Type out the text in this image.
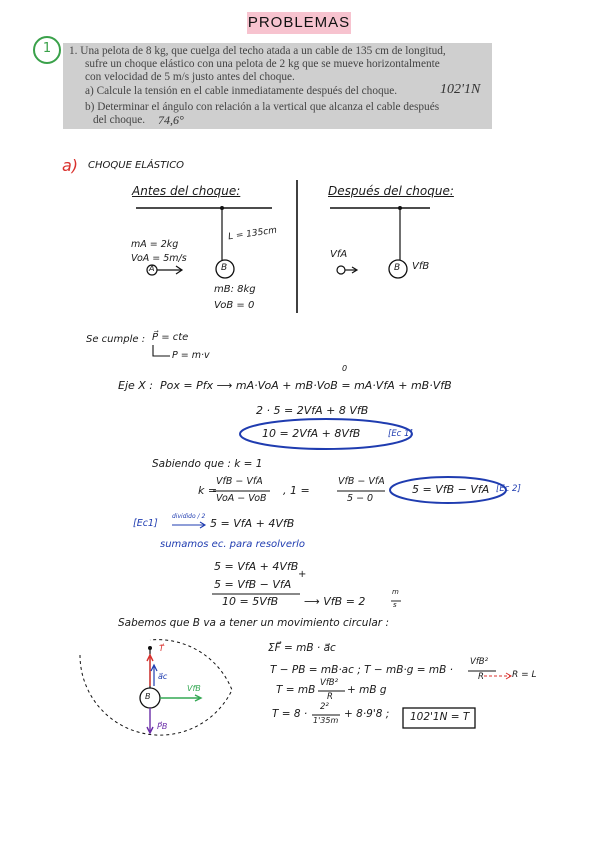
PROBLEMAS
1	1. Una pelota de 8 kg, que cuelga del techo atada a un cable de 135 cm de longitud,

sufre un choque elástico con una pelota de 2 kg que se mueve horizontalmente

con velocidad de 5 m/s justo antes del choque.

a) Calcule la tensión en el cable inmediatamente después del choque.

b) Determinar el ángulo con relación a la vertical que alcanza el cable después

del choque.

102'1N
74,6°
a) CHOQUE ELÁSTICO
Antes del choque:	Después del choque:
L = 135cm
mA = 2kg
VoA = 5m/s
A	B
mB: 8kg
VoB = 0
VfA
B VfB
Se cumple : P⃗ = cte
P = m·v
Eje X : Pox = Pfx ⟶ mA·VoA + mB·VoB = mA·VfA + mB·VfB
0
2 · 5 = 2VfA + 8 VfB
10 = 2VfA + 8VfB	[Ec 1]
Sabiendo que : k = 1
k =
VfB − VfA
VoA − VoB
, 1 =
VfB − VfA
5 − 0
5 = VfB − VfA [Ec 2]
[Ec1]
dividido / 2
5 = VfA + 4VfB
sumamos ec. para resolverlo
5 = VfA + 4VfB
5 = VfB − VfA
+
10 = 5VfB ⟶ VfB = 2
m
s
Sabemos que B va a tener un movimiento circular :
T⃗
a⃗c
B
VfB
P⃗B
ΣF⃗ = mB · a⃗c
T − PB = mB·ac ; T − mB·g = mB ·
VfB²
R	R = L
T = mB
VfB²
R
+ mB g
T = 8 ·
2²
1'35m
+ 8·9'8 ; 102'1N = T
